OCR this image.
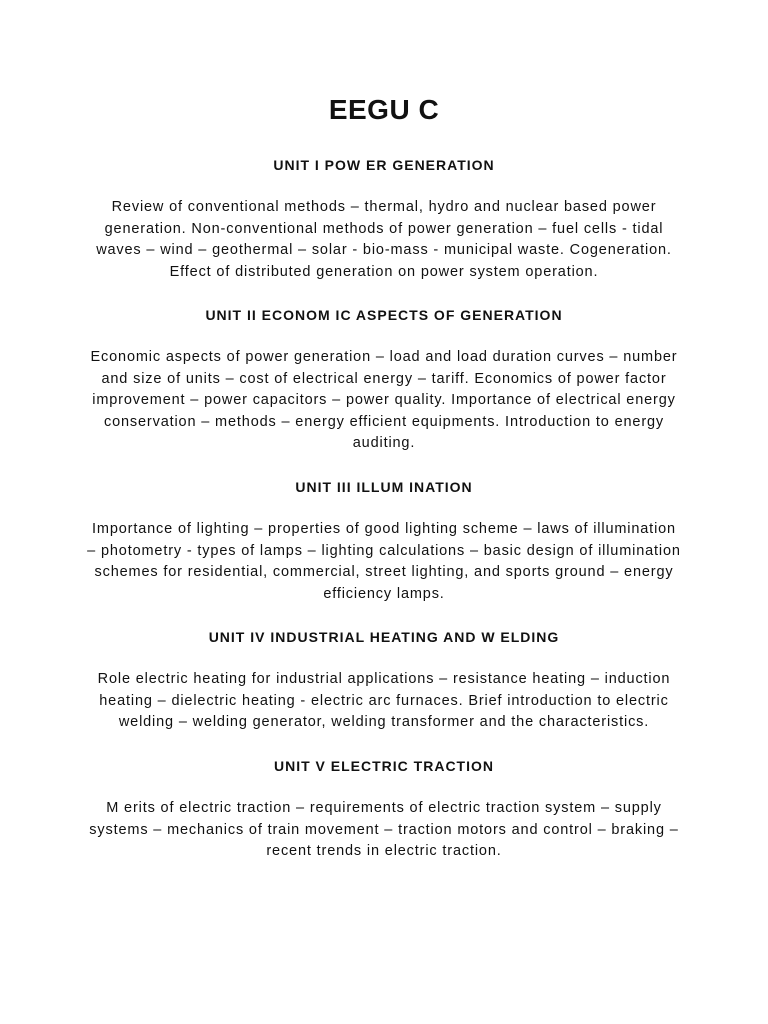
EEGU C
UNIT I POW ER GENERATION
Review of conventional methods – thermal, hydro and nuclear based power
generation. Non-conventional methods of power generation – fuel cells - tidal
waves – wind – geothermal – solar - bio-mass - municipal waste. Cogeneration.
Effect of distributed generation on power system operation.
UNIT II ECONOM IC ASPECTS OF GENERATION
Economic aspects of power generation – load and load duration curves – number
and size of units – cost of electrical energy – tariff. Economics of power factor
improvement – power capacitors – power quality. Importance of electrical energy
conservation – methods – energy efficient equipments. Introduction to energy
auditing.
UNIT III ILLUM INATION
Importance of lighting – properties of good lighting scheme – laws of illumination
– photometry - types of lamps – lighting calculations – basic design of illumination
schemes for residential, commercial, street lighting, and sports ground – energy
efficiency lamps.
UNIT IV INDUSTRIAL HEATING AND W ELDING
Role electric heating for industrial applications – resistance heating – induction
heating – dielectric heating - electric arc furnaces. Brief introduction to electric
welding – welding generator, welding transformer and the characteristics.
UNIT V ELECTRIC TRACTION
M erits of electric traction – requirements of electric traction system – supply
systems – mechanics of train movement – traction motors and control – braking –
recent trends in electric traction.
